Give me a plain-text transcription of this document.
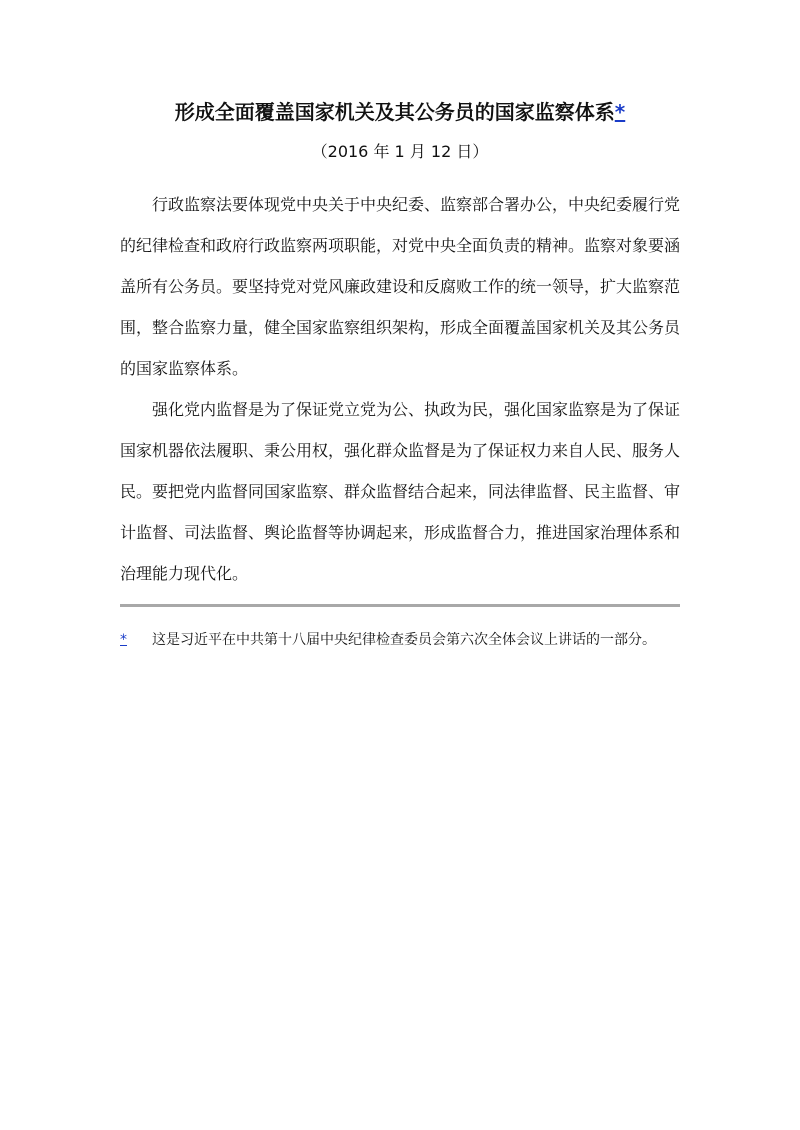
形成全面覆盖国家机关及其公务员的国家监察体系*

（2016 年 1 月 12 日）

行政监察法要体现党中央关于中央纪委、监察部合署办公，中央纪委履行党的纪律检查和政府行政监察两项职能，对党中央全面负责的精神。监察对象要涵盖所有公务员。要坚持党对党风廉政建设和反腐败工作的统一领导，扩大监察范围，整合监察力量，健全国家监察组织架构，形成全面覆盖国家机关及其公务员的国家监察体系。

强化党内监督是为了保证党立党为公、执政为民，强化国家监察是为了保证国家机器依法履职、秉公用权，强化群众监督是为了保证权力来自人民、服务人民。要把党内监督同国家监察、群众监督结合起来，同法律监督、民主监督、审计监督、司法监督、舆论监督等协调起来，形成监督合力，推进国家治理体系和治理能力现代化。

*	这是习近平在中共第十八届中央纪律检查委员会第六次全体会议上讲话的一部分。
